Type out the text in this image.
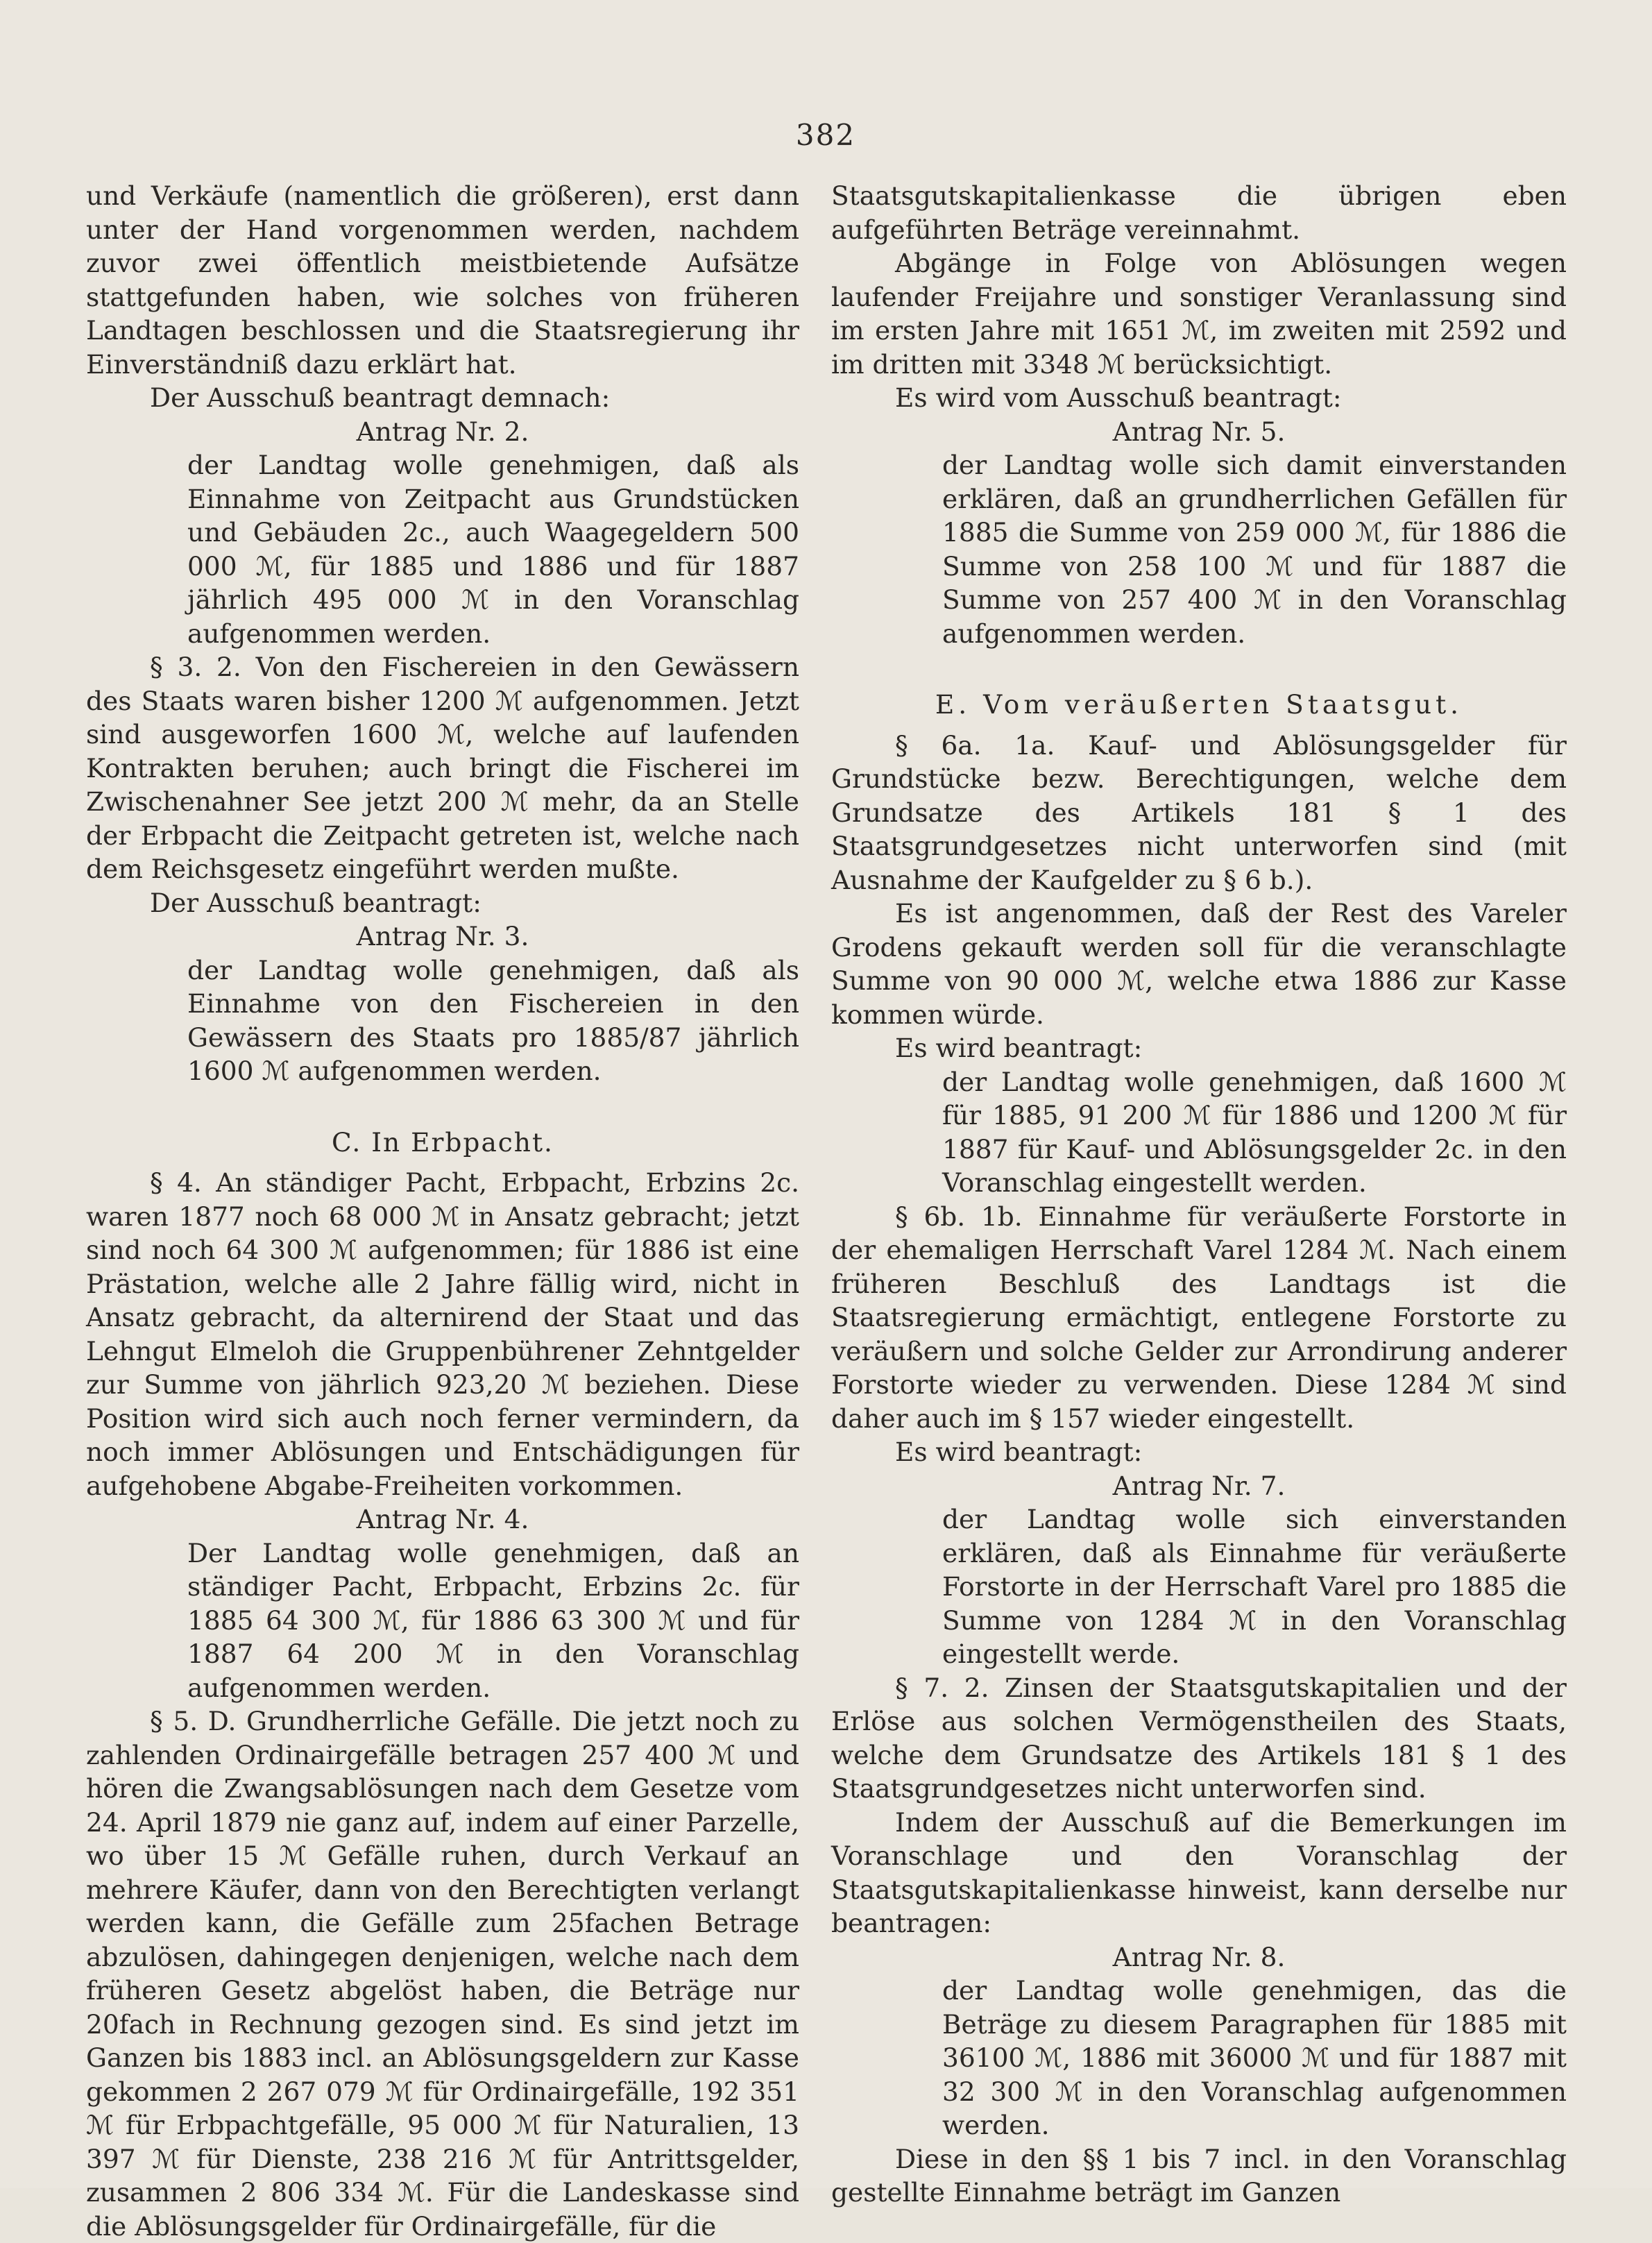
382

und Verkäufe (namentlich die größeren), erst dann unter der Hand vorgenommen werden, nachdem zuvor zwei öffentlich meistbietende Aufsätze stattgefunden haben, wie solches von früheren Landtagen beschlossen und die Staatsregierung ihr Einverständniß dazu erklärt hat.

Der Ausschuß beantragt demnach:

Antrag Nr. 2.

der Landtag wolle genehmigen, daß als Einnahme von Zeitpacht aus Grundstücken und Gebäuden 2c., auch Waagegeldern 500 000 ℳ, für 1885 und 1886 und für 1887 jährlich 495 000 ℳ in den Voranschlag aufgenommen werden.

§ 3. 2. Von den Fischereien in den Gewässern des Staats waren bisher 1200 ℳ aufgenommen. Jetzt sind ausgeworfen 1600 ℳ, welche auf laufenden Kontrakten beruhen; auch bringt die Fischerei im Zwischenahner See jetzt 200 ℳ mehr, da an Stelle der Erbpacht die Zeitpacht getreten ist, welche nach dem Reichsgesetz eingeführt werden mußte.

Der Ausschuß beantragt:

Antrag Nr. 3.

der Landtag wolle genehmigen, daß als Einnahme von den Fischereien in den Gewässern des Staats pro 1885/87 jährlich 1600 ℳ aufgenommen werden.

C. In Erbpacht.

§ 4. An ständiger Pacht, Erbpacht, Erbzins 2c. waren 1877 noch 68 000 ℳ in Ansatz gebracht; jetzt sind noch 64 300 ℳ aufgenommen; für 1886 ist eine Prästation, welche alle 2 Jahre fällig wird, nicht in Ansatz gebracht, da alternirend der Staat und das Lehngut Elmeloh die Gruppenbührener Zehntgelder zur Summe von jährlich 923,20 ℳ beziehen. Diese Position wird sich auch noch ferner vermindern, da noch immer Ablösungen und Entschädigungen für aufgehobene Abgabe-Freiheiten vorkommen.

Antrag Nr. 4.

Der Landtag wolle genehmigen, daß an ständiger Pacht, Erbpacht, Erbzins 2c. für 1885 64 300 ℳ, für 1886 63 300 ℳ und für 1887 64 200 ℳ in den Voranschlag aufgenommen werden.

§ 5. D. Grundherrliche Gefälle. Die jetzt noch zu zahlenden Ordinairgefälle betragen 257 400 ℳ und hören die Zwangsablösungen nach dem Gesetze vom 24. April 1879 nie ganz auf, indem auf einer Parzelle, wo über 15 ℳ Gefälle ruhen, durch Verkauf an mehrere Käufer, dann von den Berechtigten verlangt werden kann, die Gefälle zum 25fachen Betrage abzulösen, dahingegen denjenigen, welche nach dem früheren Gesetz abgelöst haben, die Beträge nur 20fach in Rechnung gezogen sind. Es sind jetzt im Ganzen bis 1883 incl. an Ablösungsgeldern zur Kasse gekommen 2 267 079 ℳ für Ordinairgefälle, 192 351 ℳ für Erbpachtgefälle, 95 000 ℳ für Naturalien, 13 397 ℳ für Dienste, 238 216 ℳ für Antrittsgelder, zusammen 2 806 334 ℳ. Für die Landeskasse sind die Ablösungsgelder für Ordinairgefälle, für die

Staatsgutskapitalienkasse die übrigen eben aufgeführten Beträge vereinnahmt.

Abgänge in Folge von Ablösungen wegen laufender Freijahre und sonstiger Veranlassung sind im ersten Jahre mit 1651 ℳ, im zweiten mit 2592 und im dritten mit 3348 ℳ berücksichtigt.

Es wird vom Ausschuß beantragt:

Antrag Nr. 5.

der Landtag wolle sich damit einverstanden erklären, daß an grundherrlichen Gefällen für 1885 die Summe von 259 000 ℳ, für 1886 die Summe von 258 100 ℳ und für 1887 die Summe von 257 400 ℳ in den Voranschlag aufgenommen werden.

E. Vom veräußerten Staatsgut.

§ 6a. 1a. Kauf- und Ablösungsgelder für Grundstücke bezw. Berechtigungen, welche dem Grundsatze des Artikels 181 § 1 des Staatsgrundgesetzes nicht unterworfen sind (mit Ausnahme der Kaufgelder zu § 6 b.).

Es ist angenommen, daß der Rest des Vareler Grodens gekauft werden soll für die veranschlagte Summe von 90 000 ℳ, welche etwa 1886 zur Kasse kommen würde.

Es wird beantragt:

der Landtag wolle genehmigen, daß 1600 ℳ für 1885, 91 200 ℳ für 1886 und 1200 ℳ für 1887 für Kauf- und Ablösungsgelder 2c. in den Voranschlag eingestellt werden.

§ 6b. 1b. Einnahme für veräußerte Forstorte in der ehemaligen Herrschaft Varel 1284 ℳ. Nach einem früheren Beschluß des Landtags ist die Staatsregierung ermächtigt, entlegene Forstorte zu veräußern und solche Gelder zur Arrondirung anderer Forstorte wieder zu verwenden. Diese 1284 ℳ sind daher auch im § 157 wieder eingestellt.

Es wird beantragt:

Antrag Nr. 7.

der Landtag wolle sich einverstanden erklären, daß als Einnahme für veräußerte Forstorte in der Herrschaft Varel pro 1885 die Summe von 1284 ℳ in den Voranschlag eingestellt werde.

§ 7. 2. Zinsen der Staatsgutskapitalien und der Erlöse aus solchen Vermögenstheilen des Staats, welche dem Grundsatze des Artikels 181 § 1 des Staatsgrundgesetzes nicht unterworfen sind.

Indem der Ausschuß auf die Bemerkungen im Voranschlage und den Voranschlag der Staatsgutskapitalienkasse hinweist, kann derselbe nur beantragen:

Antrag Nr. 8.

der Landtag wolle genehmigen, das die Beträge zu diesem Paragraphen für 1885 mit 36100 ℳ, 1886 mit 36000 ℳ und für 1887 mit 32 300 ℳ in den Voranschlag aufgenommen werden.

Diese in den §§ 1 bis 7 incl. in den Voranschlag gestellte Einnahme beträgt im Ganzen
